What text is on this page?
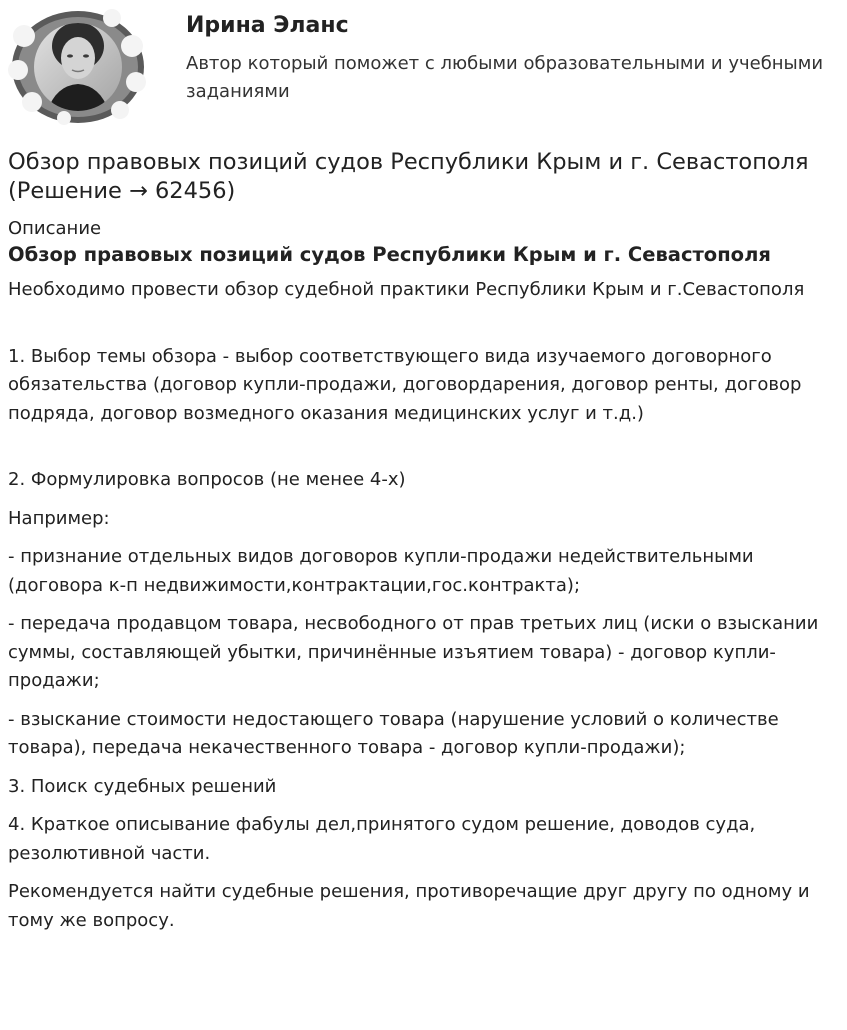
Ирина Эланс
Автор который поможет с любыми образовательными и учебными заданиями
Обзор правовых позиций судов Республики Крым и г. Севастополя (Решение → 62456)

Описание

Обзор правовых позиций судов Республики Крым и г. Севастополя

Необходимо провести обзор судебной практики Республики Крым и г.Севастополя

1. Выбор темы обзора - выбор соответствующего вида изучаемого договорного обязательства (договор купли-продажи, договордарения, договор ренты, договор подряда, договор возмедного оказания медицинских услуг и т.д.)

2. Формулировка вопросов (не менее 4-х)

Например:

- признание отдельных видов договоров купли-продажи недействительными (договора к-п недвижимости,контрактации,гос.контракта);

- передача продавцом товара, несвободного от прав третьих лиц (иски о взыскании суммы, составляющей убытки, причинённые изъятием товара) - договор купли-продажи;

- взыскание стоимости недостающего товара (нарушение условий о количестве товара), передача некачественного товара - договор купли-продажи);

3. Поиск судебных решений

4. Краткое описывание фабулы дел,принятого судом решение, доводов суда, резолютивной части.

Рекомендуется найти судебные решения, противоречащие друг другу по одному и тому же вопросу.
